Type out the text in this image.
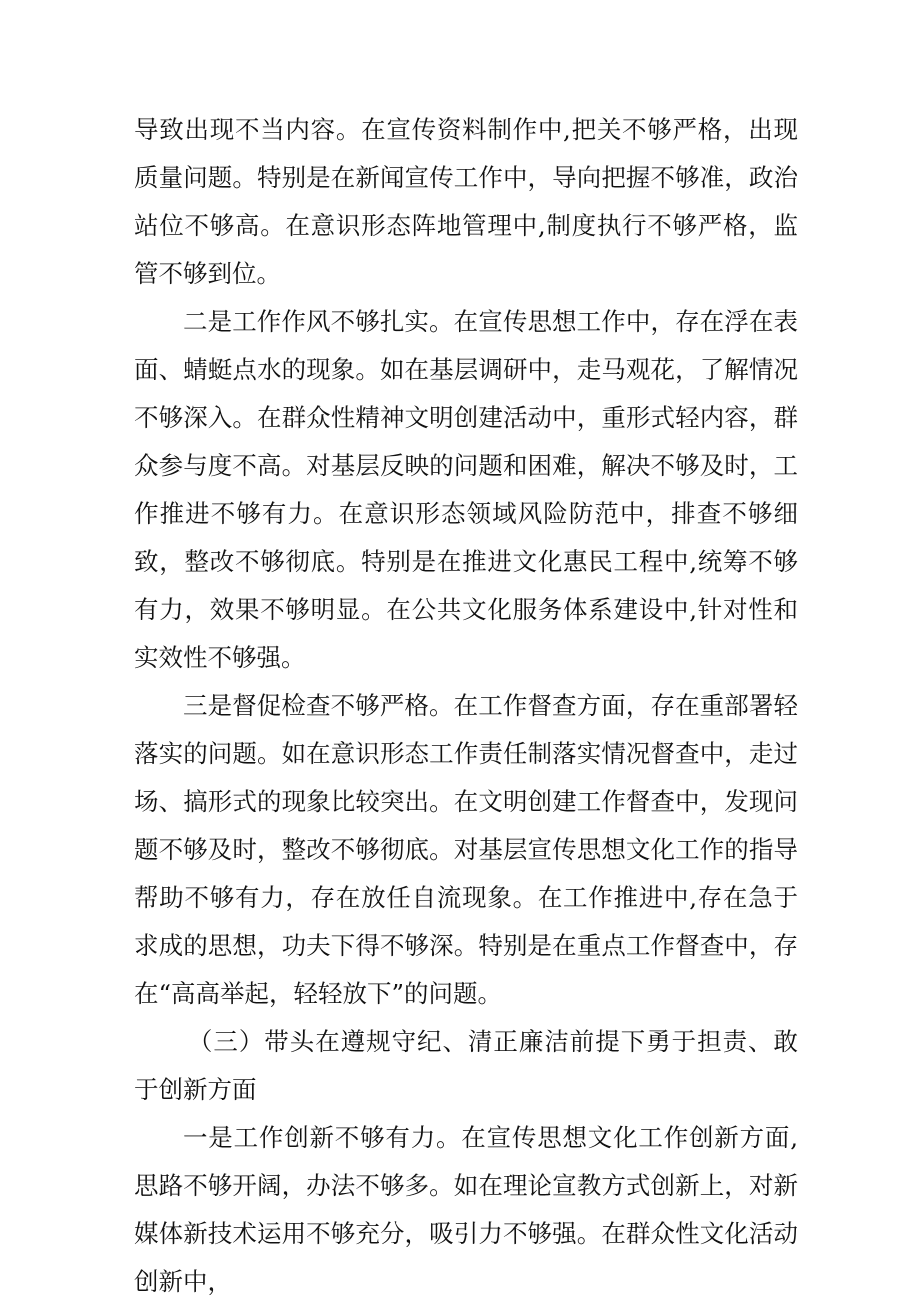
导致出现不当内容。在宣传资料制作中,把关不够严格，出现质量问题。特别是在新闻宣传工作中，导向把握不够准，政治站位不够高。在意识形态阵地管理中,制度执行不够严格，监管不够到位。

二是工作作风不够扎实。在宣传思想工作中，存在浮在表面、蜻蜓点水的现象。如在基层调研中，走马观花，了解情况不够深入。在群众性精神文明创建活动中，重形式轻内容，群众参与度不高。对基层反映的问题和困难，解决不够及时，工作推进不够有力。在意识形态领域风险防范中，排查不够细致，整改不够彻底。特别是在推进文化惠民工程中,统筹不够有力，效果不够明显。在公共文化服务体系建设中,针对性和实效性不够强。

三是督促检查不够严格。在工作督查方面，存在重部署轻落实的问题。如在意识形态工作责任制落实情况督查中，走过场、搞形式的现象比较突出。在文明创建工作督查中，发现问题不够及时，整改不够彻底。对基层宣传思想文化工作的指导帮助不够有力，存在放任自流现象。在工作推进中,存在急于求成的思想，功夫下得不够深。特别是在重点工作督查中，存在“高高举起，轻轻放下”的问题。

（三）带头在遵规守纪、清正廉洁前提下勇于担责、敢于创新方面

一是工作创新不够有力。在宣传思想文化工作创新方面,思路不够开阔，办法不够多。如在理论宣教方式创新上，对新媒体新技术运用不够充分，吸引力不够强。在群众性文化活动创新中，
